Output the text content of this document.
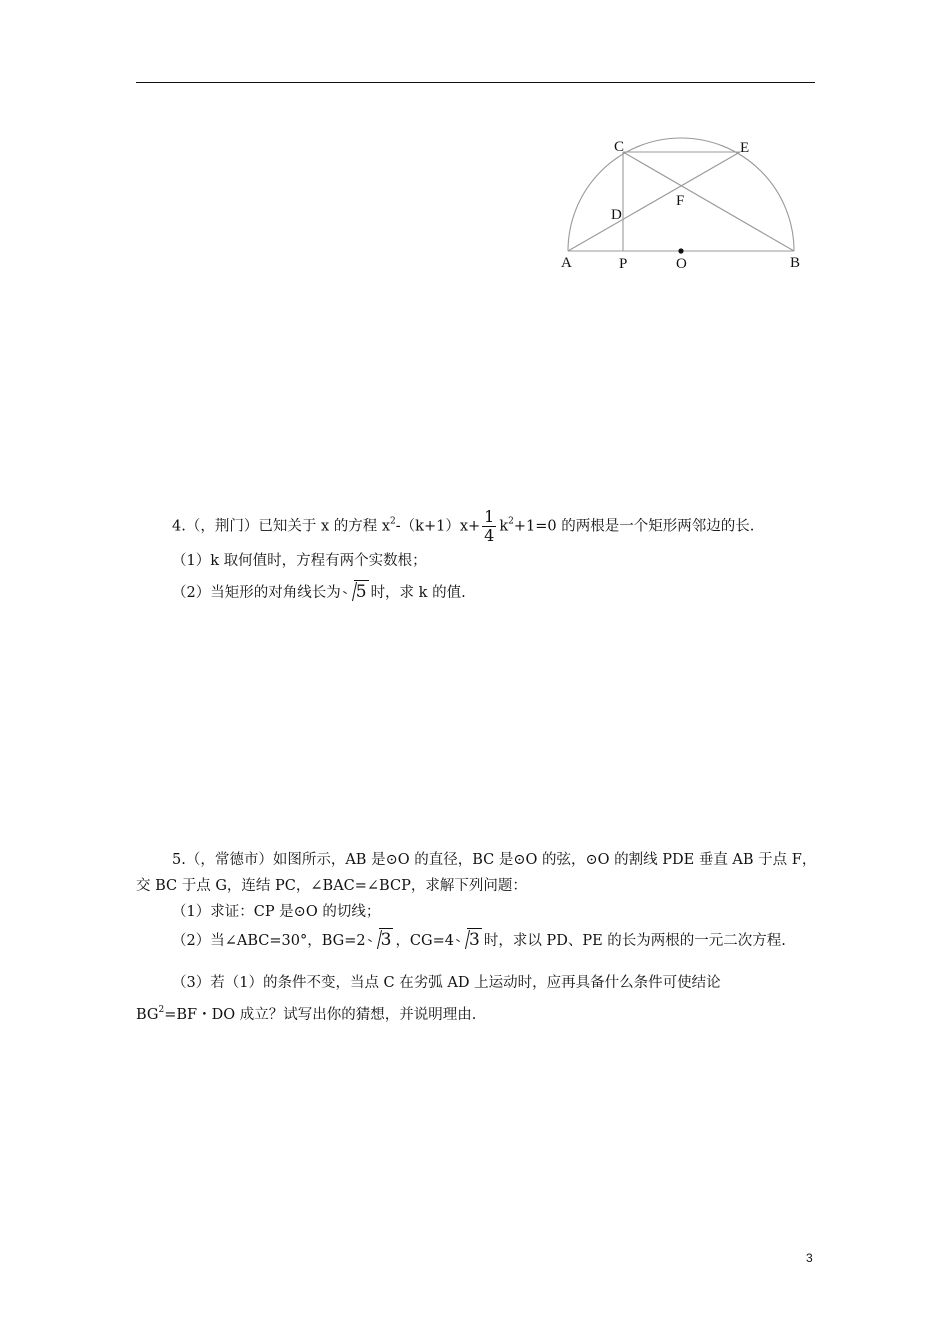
C	E
F
D
A	P	O	B
4.（，荆门）已知关于 x 的方程 $x^2-(k+1)x+ \frac{1}{4} k^2+1=0$ 的两根是一个矩形两邻边的长.
（1）k 取何值时，方程有两个实数根；
（2）当矩形的对角线长为 5 时，求 k 的值.
5.（，常德市）如图所示，AB 是⊙O 的直径，BC 是⊙O 的弦，⊙O 的割线 PDE 垂直 AB 于点 F，
交 BC 于点 G，连结 PC，∠BAC=∠BCP，求解下列问题：
（1）求证：CP 是⊙O 的切线；
（2）当∠ABC=30°，BG=2 3 ，CG=4 3 时，求以 PD、PE 的长为两根的一元二次方程.
（3）若（1）的条件不变，当点 C 在劣弧 AD 上运动时，应再具备什么条件可使结论
$BG^2=BF$・DO 成立？试写出你的猜想，并说明理由.
3
